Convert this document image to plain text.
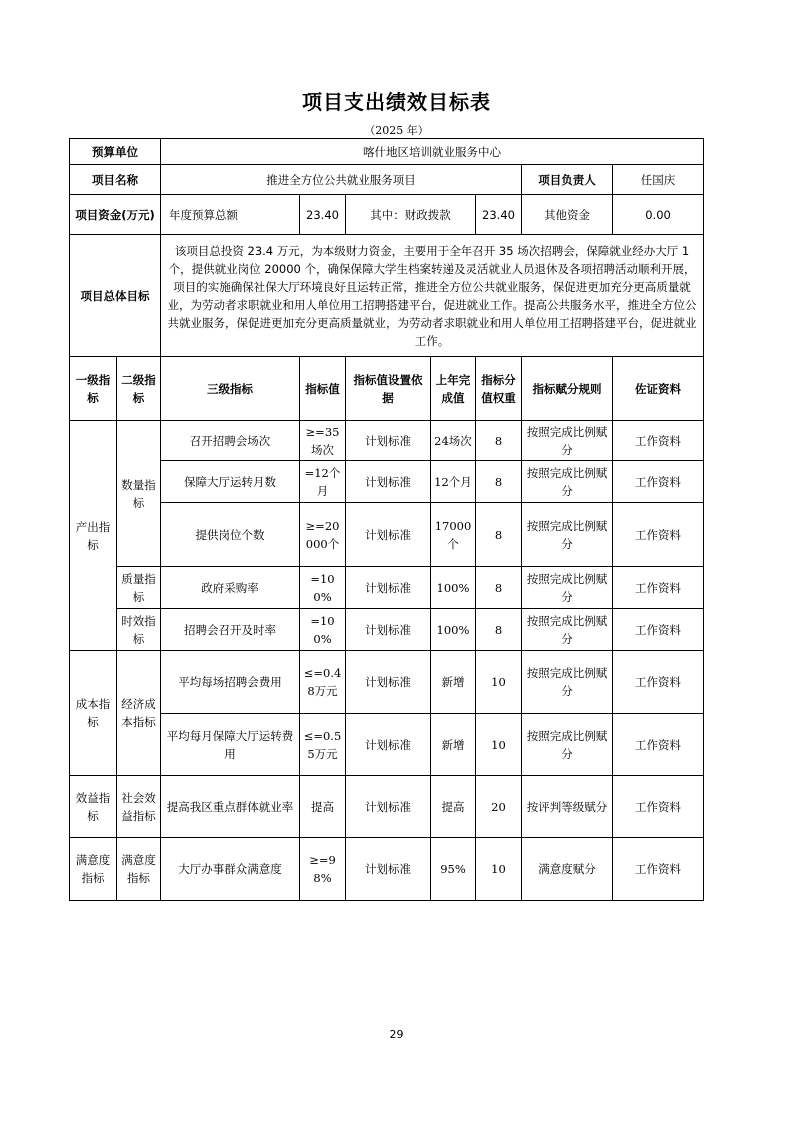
项目支出绩效目标表
（2025 年）
预算单位		喀什地区培训就业服务中心						
项目名称		推进全方位公共就业服务项目					项目负责人	任国庆
项目资金(万元)		年度预算总额	23.40	其中：财政拨款		23.40	其他资金	0.00
项目总体目标		该项目总投资 23.4 万元，为本级财力资金，主要用于全年召开 35 场次招聘会，保障就业经办大厅 1 个，提供就业岗位 20000 个，确保保障大学生档案转递及灵活就业人员退休及各项招聘活动顺利开展，项目的实施确保社保大厅环境良好且运转正常，推进全方位公共就业服务，保促进更加充分更高质量就业，为劳动者求职就业和用人单位用工招聘搭建平台，促进就业工作。提高公共服务水平，推进全方位公共就业服务，保促进更加充分更高质量就业，为劳动者求职就业和用人单位用工招聘搭建平台，促进就业工作。						
一级指标	二级指标	三级指标	指标值	指标值设置依据	上年完成值	指标分值权重	指标赋分规则	佐证资料
产出指标	数量指标	召开招聘会场次	≥=35场次	计划标准	24场次	8	按照完成比例赋分	工作资料
		保障大厅运转月数	=12个月	计划标准	12个月	8	按照完成比例赋分	工作资料
		提供岗位个数	≥=20000个	计划标准	17000个	8	按照完成比例赋分	工作资料
	质量指标	政府采购率	=100%	计划标准	100%	8	按照完成比例赋分	工作资料
	时效指标	招聘会召开及时率	=100%	计划标准	100%	8	按照完成比例赋分	工作资料
成本指标	经济成本指标	平均每场招聘会费用	≤=0.48万元	计划标准	新增	10	按照完成比例赋分	工作资料
		平均每月保障大厅运转费用	≤=0.55万元	计划标准	新增	10	按照完成比例赋分	工作资料
效益指标	社会效益指标	提高我区重点群体就业率	提高	计划标准	提高	20	按评判等级赋分	工作资料
满意度指标	满意度指标	大厅办事群众满意度	≥=98%	计划标准	95%	10	满意度赋分	工作资料
29
